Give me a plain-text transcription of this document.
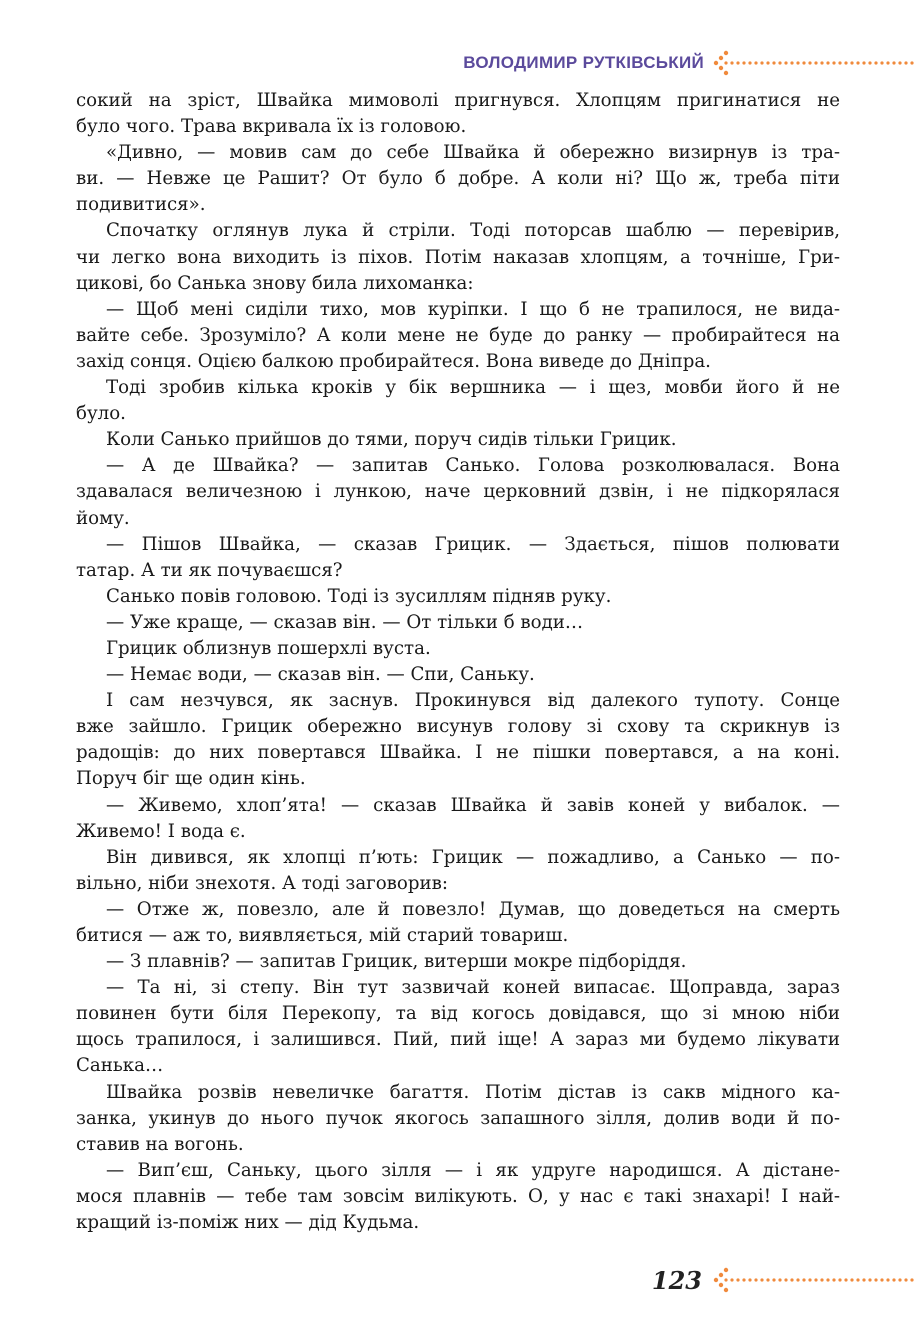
ВОЛОДИМИР РУТКІВСЬКИЙ
сокий на зріст, Швайка мимоволі пригнувся. Хлопцям пригинатися не
було чого. Трава вкривала їх із головою.
«Дивно, — мовив сам до себе Швайка й обережно визирнув із тра-
ви. — Невже це Рашит? От було б добре. А коли ні? Що ж, треба піти
подивитися».
Спочатку оглянув лука й стріли. Тоді поторсав шаблю — перевірив,
чи легко вона виходить із піхов. Потім наказав хлопцям, а точніше, Гри-
цикові, бо Санька знову била лихоманка:
— Щоб мені сиділи тихо, мов курiпки. І що б не трапилося, не вида-
вайте себе. Зрозуміло? А коли мене не буде до ранку — пробирайтеся на
захід сонця. Оцією балкою пробирайтеся. Вона виведе до Дніпра.
Тоді зробив кілька кроків у бік вершника — і щез, мовби його й не
було.
Коли Санько прийшов до тями, поруч сидів тільки Грицик.
— А де Швайка? — запитав Санько. Голова розколювалася. Вона
здавалася величезною і лункою, наче церковний дзвін, і не підкорялася
йому.
— Пішов Швайка, — сказав Грицик. — Здається, пішов полювати
татар. А ти як почуваєшся?
Санько повів головою. Тоді із зусиллям підняв руку.
— Уже краще, — сказав він. — От тільки б води…
Грицик облизнув пошерхлі вуста.
— Немає води, — сказав він. — Спи, Саньку.
І сам незчувся, як заснув. Прокинувся від далекого тупоту. Сонце
вже зайшло. Грицик обережно висунув голову зі схову та скрикнув із
радощів: до них повертався Швайка. І не пішки повертався, а на коні.
Поруч біг ще один кінь.
— Живемо, хлоп’ята! — сказав Швайка й завів коней у вибалок. —
Живемо! І вода є.
Він дивився, як хлопці п’ють: Грицик — пожадливо, а Санько — по-
вільно, ніби знехотя. А тоді заговорив:
— Отже ж, повезло, але й повезло! Думав, що доведеться на смерть
битися — аж то, виявляється, мій старий товариш.
— З плавнів? — запитав Грицик, витерши мокре підборіддя.
— Та ні, зі степу. Він тут зазвичай коней випасає. Щоправда, зараз
повинен бути біля Перекопу, та від когось довідався, що зі мною ніби
щось трапилося, і залишився. Пий, пий іще! А зараз ми будемо лікувати
Санька…
Швайка розвів невеличке багаття. Потім дістав із сакв мідного ка-
занка, укинув до нього пучок якогось запашного зілля, долив води й по-
ставив на вогонь.
— Вип’єш, Саньку, цього зілля — і як удруге народишся. А дістане-
мося плавнів — тебе там зовсім вилікують. О, у нас є такі знахарі! І най-
кращий із-поміж них — дід Кудьма.
123
